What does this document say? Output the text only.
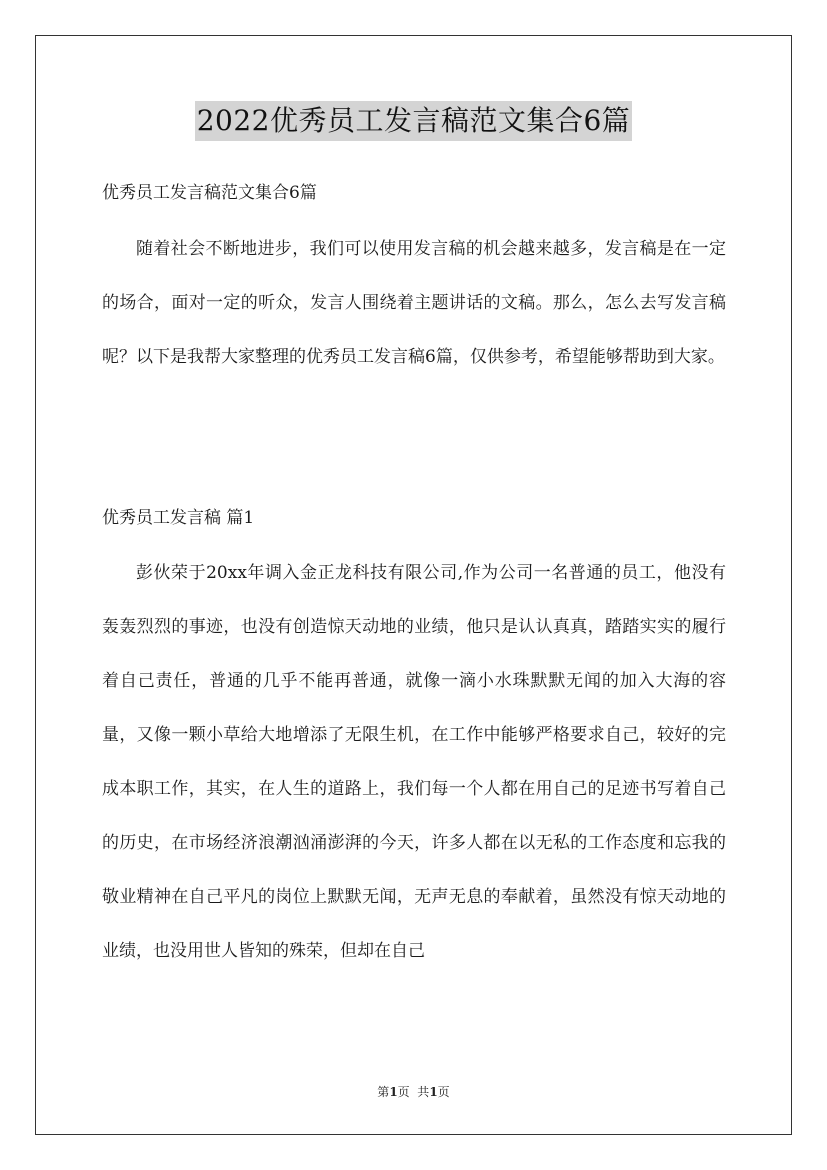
2022优秀员工发言稿范文集合6篇
优秀员工发言稿范文集合6篇

随着社会不断地进步，我们可以使用发言稿的机会越来越多，发言稿是在一定的场合，面对一定的听众，发言人围绕着主题讲话的文稿。那么，怎么去写发言稿呢？以下是我帮大家整理的优秀员工发言稿6篇，仅供参考，希望能够帮助到大家。

优秀员工发言稿 篇1

彭伙荣于20xx年调入金正龙科技有限公司,作为公司一名普通的员工，他没有轰轰烈烈的事迹，也没有创造惊天动地的业绩，他只是认认真真，踏踏实实的履行着自己责任，普通的几乎不能再普通，就像一滴小水珠默默无闻的加入大海的容量，又像一颗小草给大地增添了无限生机，在工作中能够严格要求自己，较好的完成本职工作，其实，在人生的道路上，我们每一个人都在用自己的足迹书写着自己的历史，在市场经济浪潮汹涌澎湃的今天，许多人都在以无私的工作态度和忘我的敬业精神在自己平凡的岗位上默默无闻，无声无息的奉献着，虽然没有惊天动地的业绩，也没用世人皆知的殊荣，但却在自己

第1页  共1页
